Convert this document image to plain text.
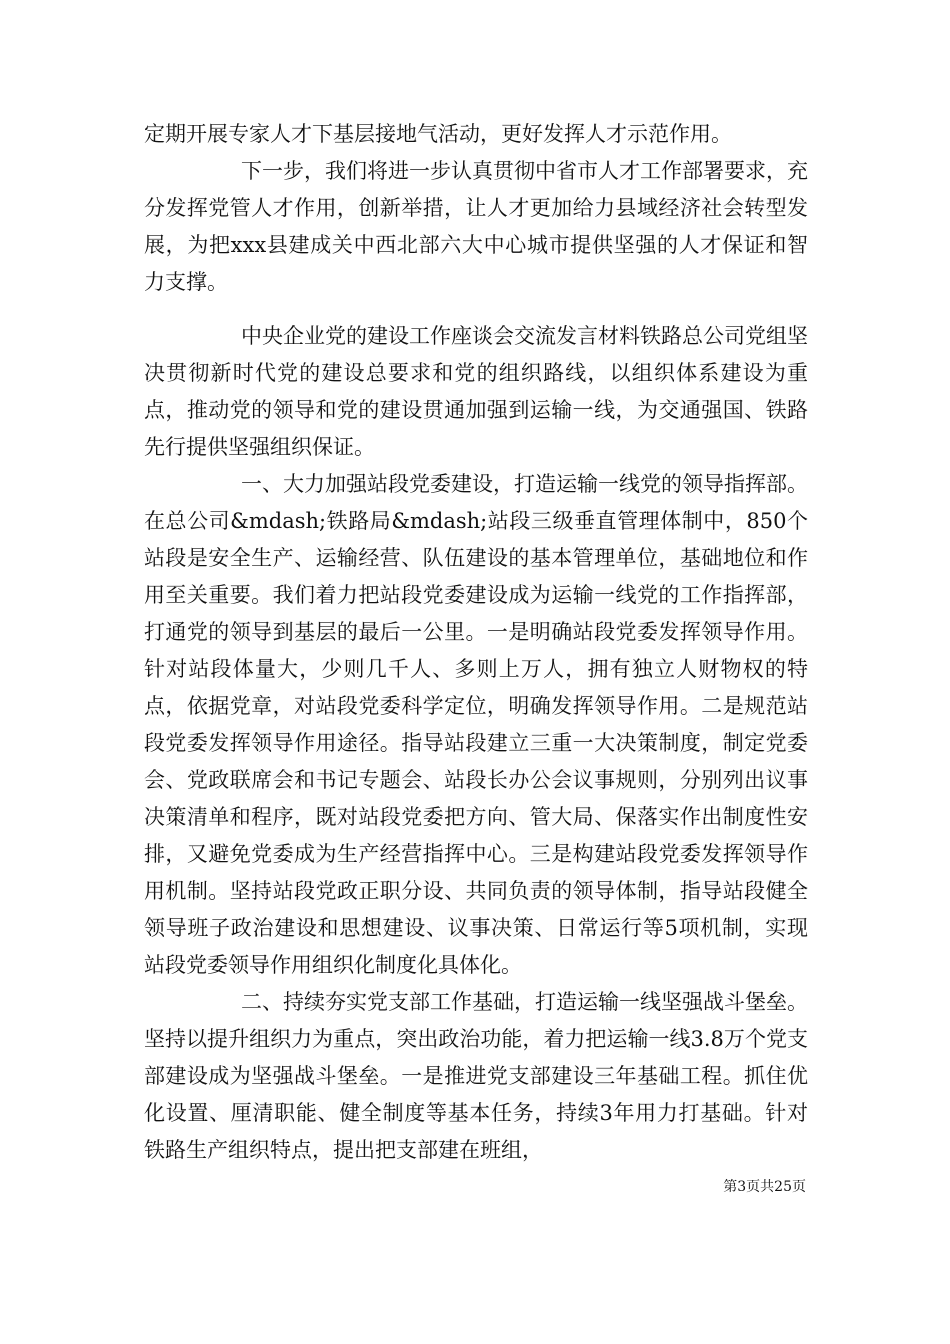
定期开展专家人才下基层接地气活动，更好发挥人才示范作用。

下一步，我们将进一步认真贯彻中省市人才工作部署要求，充分发挥党管人才作用，创新举措，让人才更加给力县域经济社会转型发展，为把xxx县建成关中西北部六大中心城市提供坚强的人才保证和智力支撑。

中央企业党的建设工作座谈会交流发言材料铁路总公司党组坚决贯彻新时代党的建设总要求和党的组织路线，以组织体系建设为重点，推动党的领导和党的建设贯通加强到运输一线，为交通强国、铁路先行提供坚强组织保证。

一、大力加强站段党委建设，打造运输一线党的领导指挥部。在总公司&mdash;铁路局&mdash;站段三级垂直管理体制中，850个站段是安全生产、运输经营、队伍建设的基本管理单位，基础地位和作用至关重要。我们着力把站段党委建设成为运输一线党的工作指挥部，打通党的领导到基层的最后一公里。一是明确站段党委发挥领导作用。针对站段体量大，少则几千人、多则上万人，拥有独立人财物权的特点，依据党章，对站段党委科学定位，明确发挥领导作用。二是规范站段党委发挥领导作用途径。指导站段建立三重一大决策制度，制定党委会、党政联席会和书记专题会、站段长办公会议事规则，分别列出议事决策清单和程序，既对站段党委把方向、管大局、保落实作出制度性安排，又避免党委成为生产经营指挥中心。三是构建站段党委发挥领导作用机制。坚持站段党政正职分设、共同负责的领导体制，指导站段健全领导班子政治建设和思想建设、议事决策、日常运行等5项机制，实现站段党委领导作用组织化制度化具体化。

二、持续夯实党支部工作基础，打造运输一线坚强战斗堡垒。坚持以提升组织力为重点，突出政治功能，着力把运输一线3.8万个党支部建设成为坚强战斗堡垒。一是推进党支部建设三年基础工程。抓住优化设置、厘清职能、健全制度等基本任务，持续3年用力打基础。针对铁路生产组织特点，提出把支部建在班组，

第3页共25页
